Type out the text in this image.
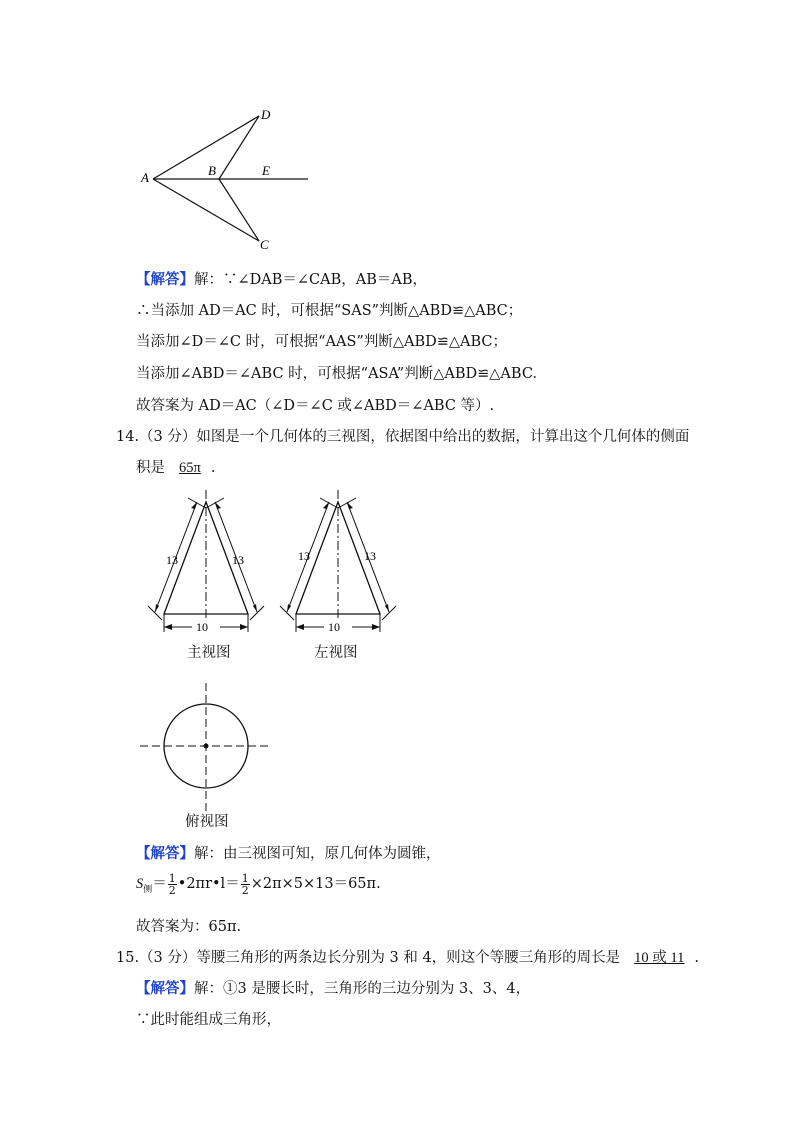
A	B
D
E
C
【解答】解：∵∠DAB＝∠CAB，AB＝AB，
∴当添加 AD＝AC 时，可根据“SAS”判断△ABD≌△ABC；
当添加∠D＝∠C 时，可根据“AAS”判断△ABD≌△ABC；
当添加∠ABD＝∠ABC 时，可根据“ASA”判断△ABD≌△ABC.
故答案为 AD＝AC（∠D＝∠C 或∠ABD＝∠ABC 等）.
14.（3 分）如图是一个几何体的三视图，依据图中给出的数据，计算出这个几何体的侧面
积是 65π .
13	13
10
主视图
13	13
10
左视图
俯视图
【解答】解：由三视图可知，原几何体为圆锥，
$S_侧= \frac{1}{2}$ •2πr•l＝ $\frac{1}{2} \times 2\pi\times 5\times 13=65\pi$.
故答案为：65π.
15.（3 分）等腰三角形的两条边长分别为 3 和 4，则这个等腰三角形的周长是 10 或 11 .
【解答】解：①3 是腰长时，三角形的三边分别为 3、3、4，
∵此时能组成三角形，
